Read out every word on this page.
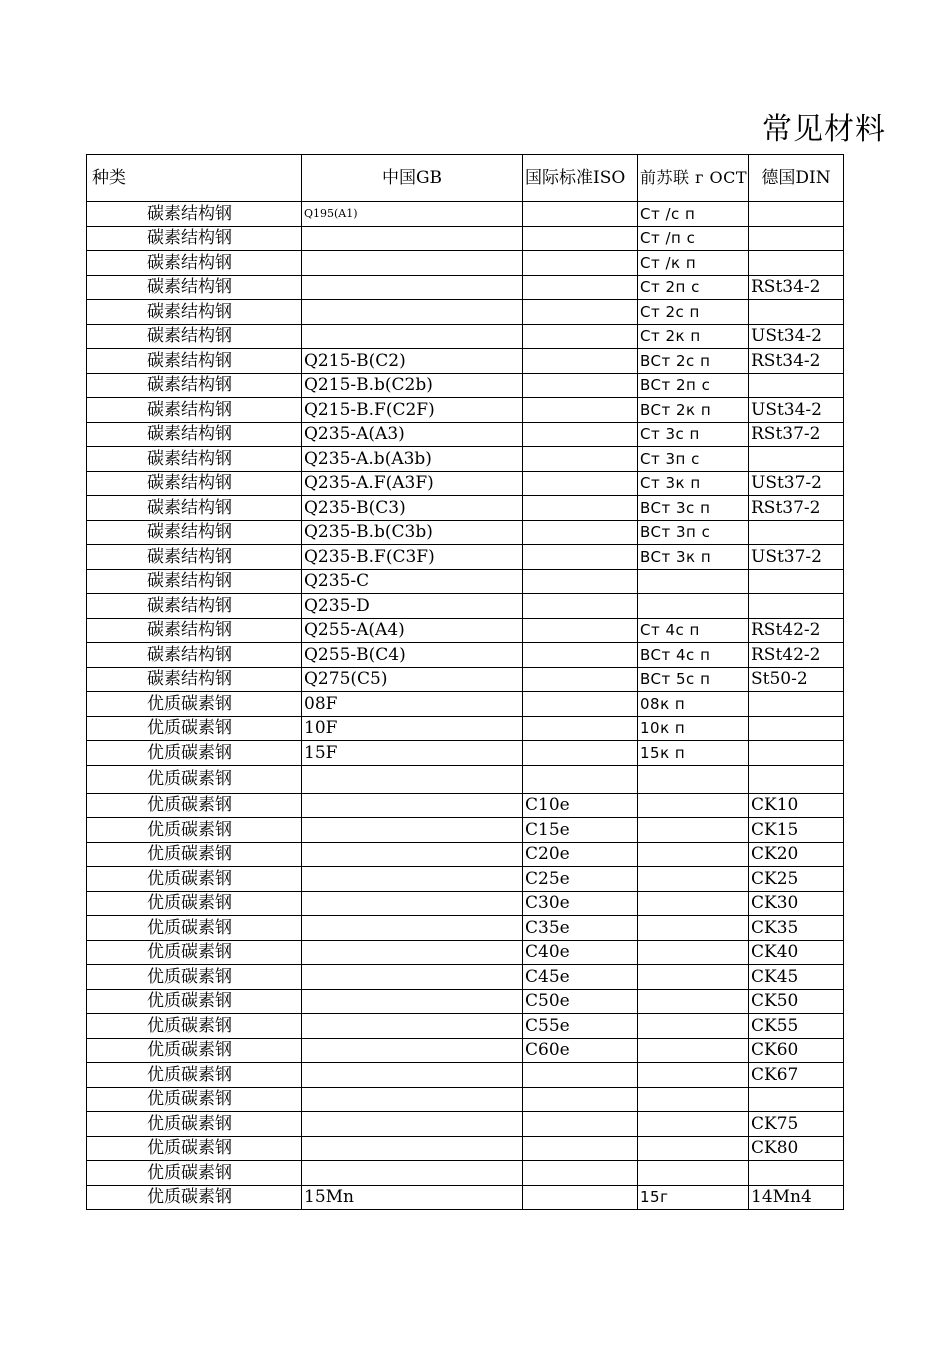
常见材料
种类	中国GB	国际标准ISO	前苏联 г OCT	德国DIN
碳素结构钢	Q195(A1)		Cт /с п	
碳素结构钢			Cт /п с	
碳素结构钢			Cт /к п	
碳素结构钢			Cт 2п с	RSt34-2
碳素结构钢			Cт 2с п	
碳素结构钢			Cт 2к п	USt34-2
碳素结构钢	Q215-B(C2)		BCт 2с п	RSt34-2
碳素结构钢	Q215-B.b(C2b)		BCт 2п с	
碳素结构钢	Q215-B.F(C2F)		BCт 2к п	USt34-2
碳素结构钢	Q235-A(A3)		Cт 3с п	RSt37-2
碳素结构钢	Q235-A.b(A3b)		Cт 3п с	
碳素结构钢	Q235-A.F(A3F)		Cт 3к п	USt37-2
碳素结构钢	Q235-B(C3)		BCт 3с п	RSt37-2
碳素结构钢	Q235-B.b(C3b)		BCт 3п с	
碳素结构钢	Q235-B.F(C3F)		BCт 3к п	USt37-2
碳素结构钢	Q235-C			
碳素结构钢	Q235-D			
碳素结构钢	Q255-A(A4)		Cт 4с п	RSt42-2
碳素结构钢	Q255-B(C4)		BCт 4с п	RSt42-2
碳素结构钢	Q275(C5)		BCт 5с п	St50-2
优质碳素钢	08F		08к п	
优质碳素钢	10F		10к п	
优质碳素钢	15F		15к п	
优质碳素钢				
优质碳素钢		C10e		CK10
优质碳素钢		C15e		CK15
优质碳素钢		C20e		CK20
优质碳素钢		C25e		CK25
优质碳素钢		C30e		CK30
优质碳素钢		C35e		CK35
优质碳素钢		C40e		CK40
优质碳素钢		C45e		CK45
优质碳素钢		C50e		CK50
优质碳素钢		C55e		CK55
优质碳素钢		C60e		CK60
优质碳素钢				CK67
优质碳素钢				
优质碳素钢				CK75
优质碳素钢				CK80
优质碳素钢				
优质碳素钢	15Mn		15г	14Mn4
